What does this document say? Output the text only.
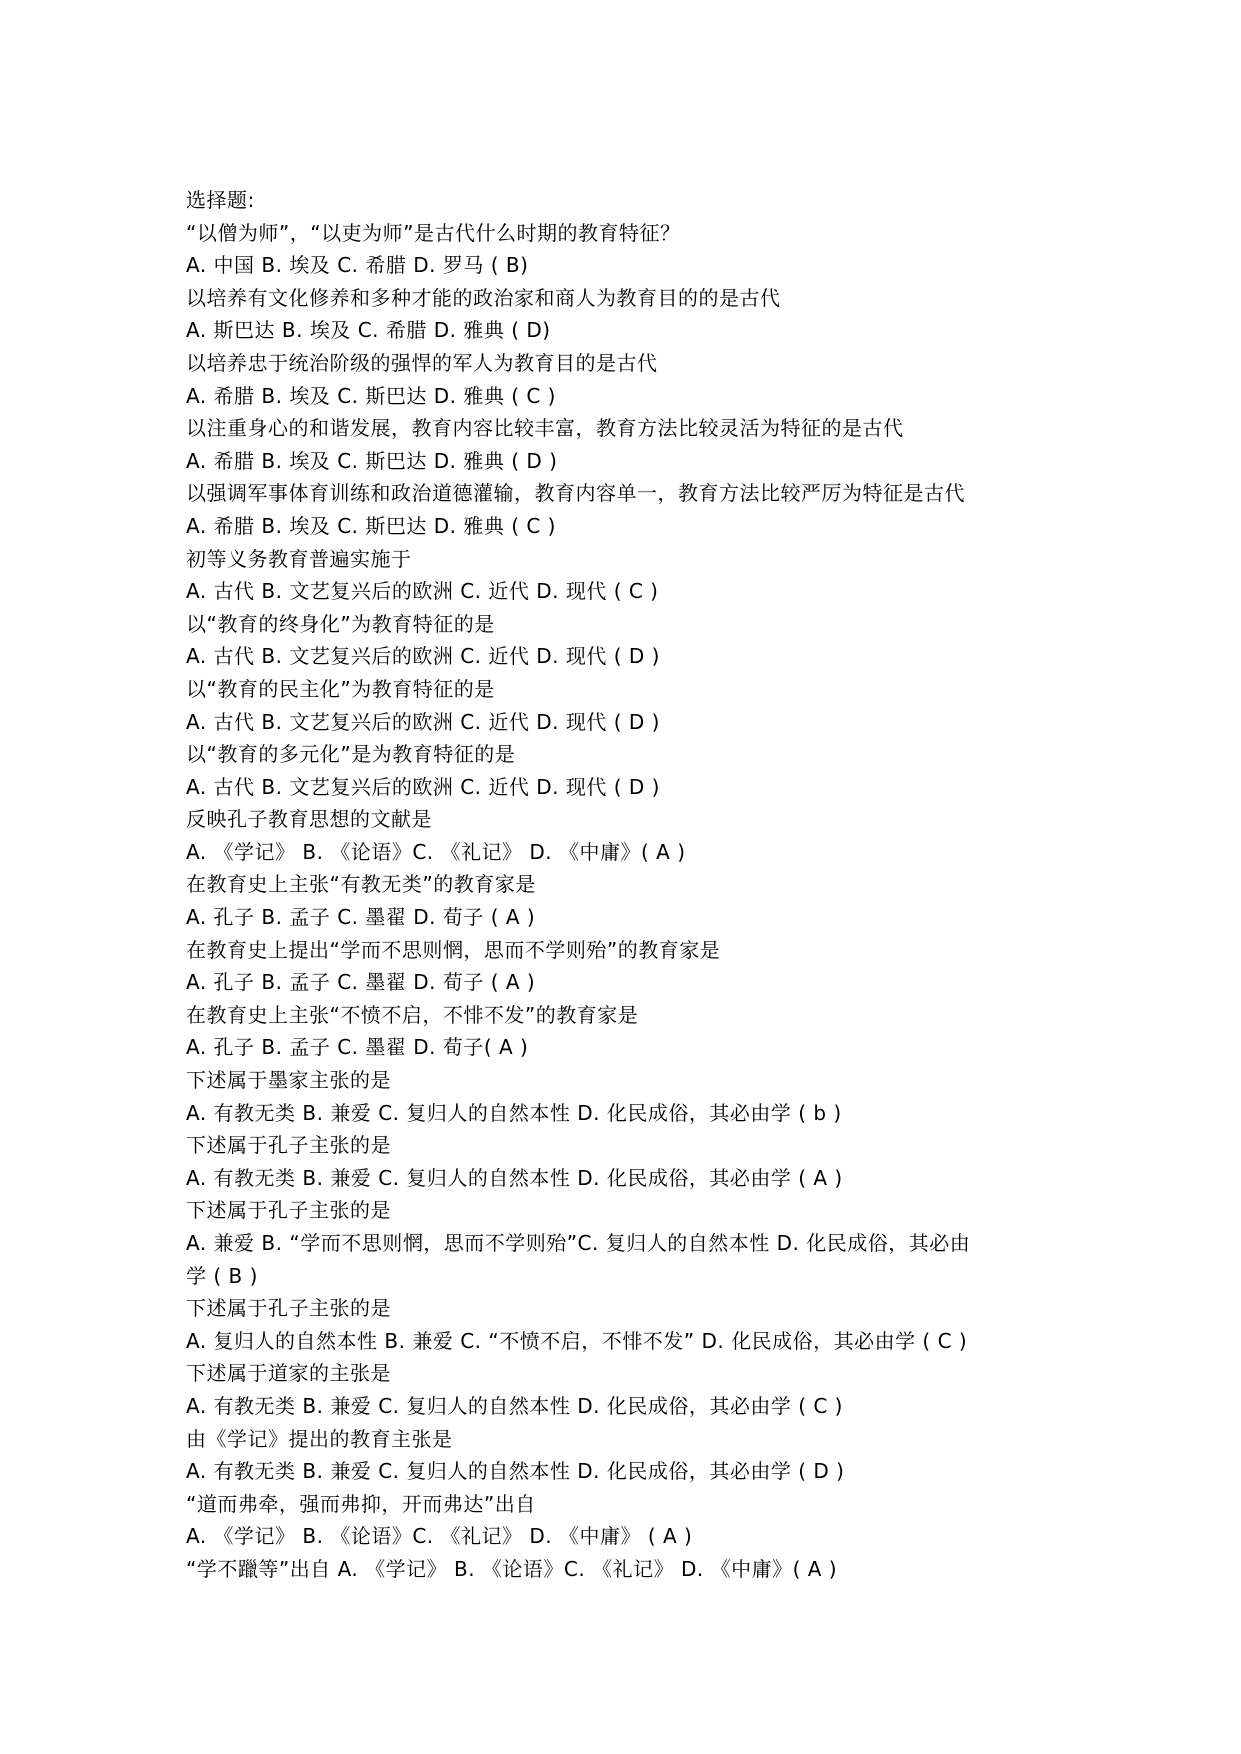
选择题:
“以僧为师”，“以吏为师”是古代什么时期的教育特征？
A. 中国 B. 埃及 C. 希腊 D. 罗马 ( B)
以培养有文化修养和多种才能的政治家和商人为教育目的的是古代
A. 斯巴达 B. 埃及 C. 希腊 D. 雅典 ( D)
以培养忠于统治阶级的强悍的军人为教育目的是古代
A. 希腊 B. 埃及 C. 斯巴达 D. 雅典 ( C )
以注重身心的和谐发展，教育内容比较丰富，教育方法比较灵活为特征的是古代
A. 希腊 B. 埃及 C. 斯巴达 D. 雅典 ( D )
以强调军事体育训练和政治道德灌输，教育内容单一，教育方法比较严厉为特征是古代
A. 希腊 B. 埃及 C. 斯巴达 D. 雅典 ( C )
初等义务教育普遍实施于
A. 古代 B. 文艺复兴后的欧洲 C. 近代 D. 现代 ( C )
以“教育的终身化”为教育特征的是
A. 古代 B. 文艺复兴后的欧洲 C. 近代 D. 现代 ( D )
以“教育的民主化”为教育特征的是
A. 古代 B. 文艺复兴后的欧洲 C. 近代 D. 现代 ( D )
以“教育的多元化”是为教育特征的是
A. 古代 B. 文艺复兴后的欧洲 C. 近代 D. 现代 ( D )
反映孔子教育思想的文献是
A. 《学记》 B. 《论语》C. 《礼记》 D. 《中庸》( A )
在教育史上主张“有教无类”的教育家是
A. 孔子 B. 孟子 C. 墨翟 D. 荀子 ( A )
在教育史上提出“学而不思则惘，思而不学则殆”的教育家是
A. 孔子 B. 孟子 C. 墨翟 D. 荀子 ( A )
在教育史上主张“不愤不启，不悱不发”的教育家是
A. 孔子 B. 孟子 C. 墨翟 D. 荀子( A )
下述属于墨家主张的是
A. 有教无类 B. 兼爱 C. 复归人的自然本性 D. 化民成俗，其必由学 ( b )
下述属于孔子主张的是
A. 有教无类 B. 兼爱 C. 复归人的自然本性 D. 化民成俗，其必由学 ( A )
下述属于孔子主张的是
A. 兼爱 B. “学而不思则惘，思而不学则殆”C. 复归人的自然本性 D. 化民成俗，其必由
学 ( B )
下述属于孔子主张的是
A. 复归人的自然本性 B. 兼爱 C. “不愤不启，不悱不发” D. 化民成俗，其必由学 ( C )
下述属于道家的主张是
A. 有教无类 B. 兼爱 C. 复归人的自然本性 D. 化民成俗，其必由学 ( C )
由《学记》提出的教育主张是
A. 有教无类 B. 兼爱 C. 复归人的自然本性 D. 化民成俗，其必由学 ( D )
“道而弗牵，强而弗抑，开而弗达”出自
A. 《学记》 B. 《论语》C. 《礼记》 D. 《中庸》 ( A )
“学不躐等”出自 A. 《学记》 B. 《论语》C. 《礼记》 D. 《中庸》( A )
